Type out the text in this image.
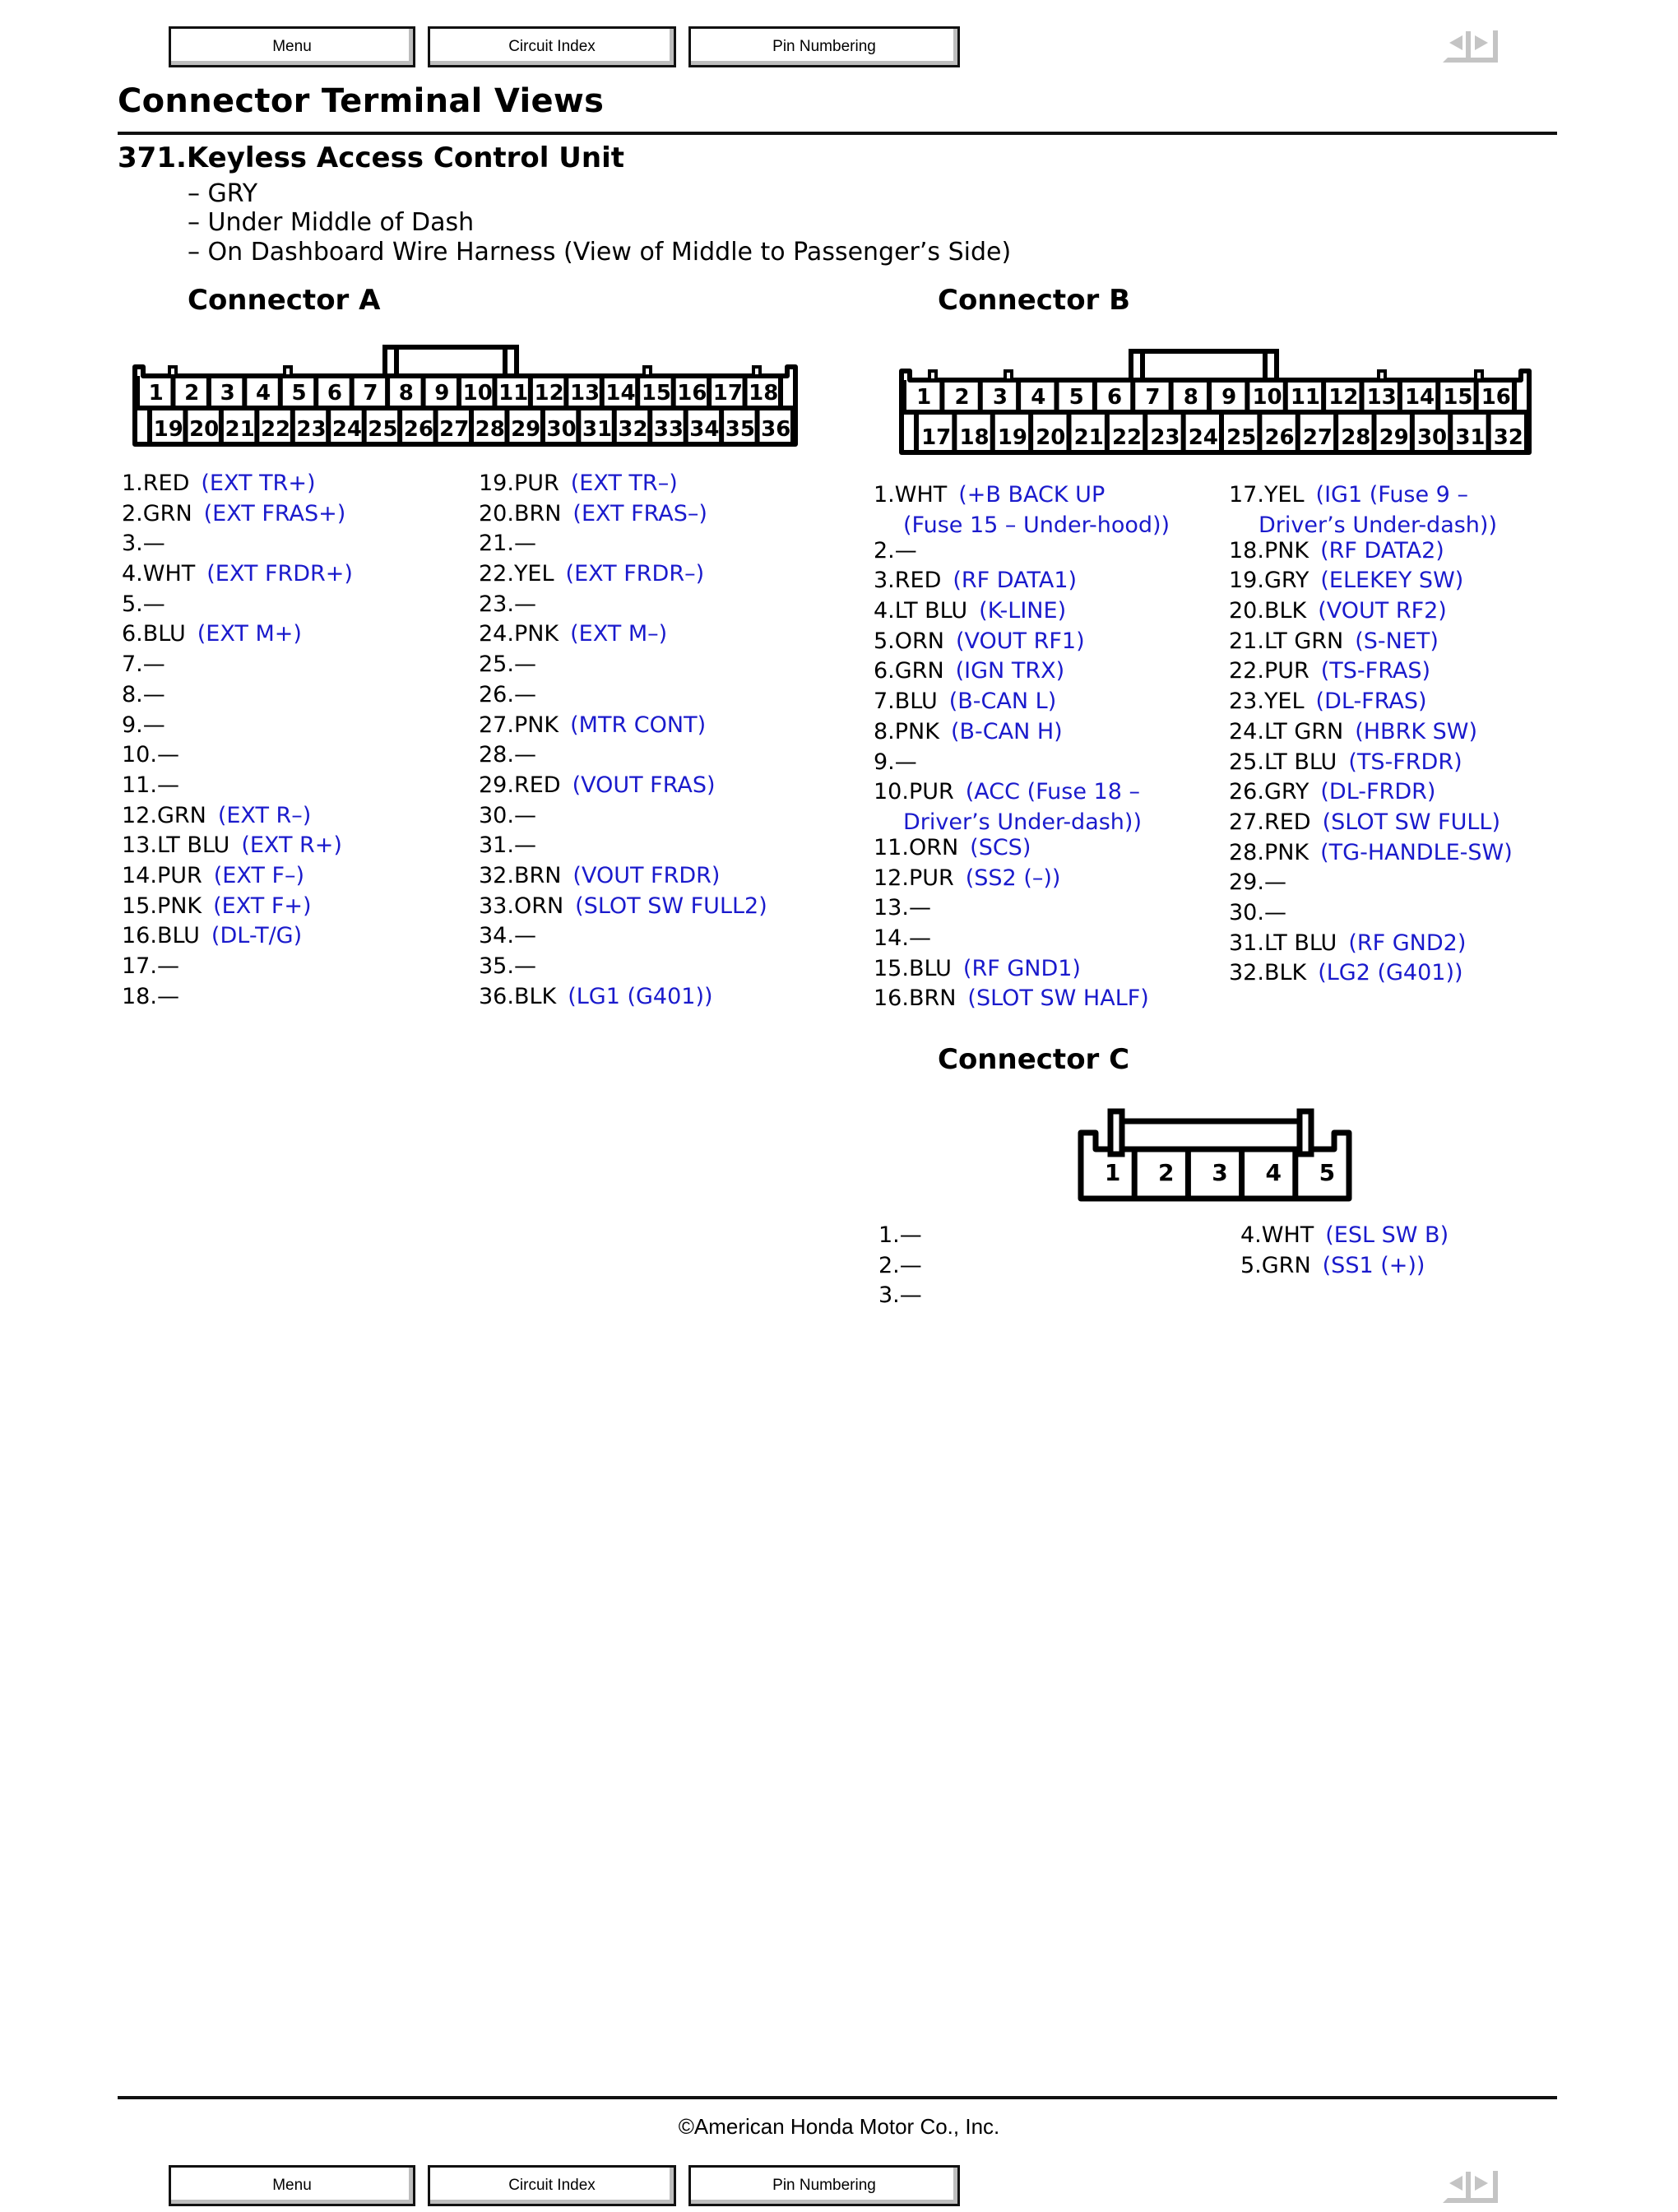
Menu	Circuit Index	Pin Numbering
Connector Terminal Views
371.Keyless Access Control Unit
– GRY
– Under Middle of Dash
– On Dashboard Wire Harness (View of Middle to Passenger’s Side)
Connector A
1 2 3 4 5 6 7 8 9 10 11 12 13 14 15 16 17 18
19 20 21 22 23 24 25 26 27 28 29 30 31 32 33 34 35 36
1.RED (EXT TR+)
2.GRN (EXT FRAS+)
3.—
4.WHT (EXT FRDR+)
5.—
6.BLU (EXT M+)
7.—
8.—
9.—
10.—
11.—
12.GRN (EXT R–)
13.LT BLU (EXT R+)
14.PUR (EXT F–)
15.PNK (EXT F+)
16.BLU (DL-T/G)
17.—
18.—
19.PUR (EXT TR–)
20.BRN (EXT FRAS–)
21.—
22.YEL (EXT FRDR–)
23.—
24.PNK (EXT M–)
25.—
26.—
27.PNK (MTR CONT)
28.—
29.RED (VOUT FRAS)
30.—
31.—
32.BRN (VOUT FRDR)
33.ORN (SLOT SW FULL2)
34.—
35.—
36.BLK (LG1 (G401))
Connector B
1 2 3 4 5 6 7 8 9 10 11 12 13 14 15 16
17 18 19 20 21 22 23 24 25 26 27 28 29 30 31 32
1.WHT (+B BACK UP
(Fuse 15 – Under-hood))
2.—
3.RED (RF DATA1)
4.LT BLU (K-LINE)
5.ORN (VOUT RF1)
6.GRN (IGN TRX)
7.BLU (B-CAN L)
8.PNK (B-CAN H)
9.—
10.PUR (ACC (Fuse 18 –
Driver’s Under-dash))
11.ORN (SCS)
12.PUR (SS2 (–))
13.—
14.—
15.BLU (RF GND1)
16.BRN (SLOT SW HALF)
17.YEL (IG1 (Fuse 9 –
Driver’s Under-dash))
18.PNK (RF DATA2)
19.GRY (ELEKEY SW)
20.BLK (VOUT RF2)
21.LT GRN (S-NET)
22.PUR (TS-FRAS)
23.YEL (DL-FRAS)
24.LT GRN (HBRK SW)
25.LT BLU (TS-FRDR)
26.GRY (DL-FRDR)
27.RED (SLOT SW FULL)
28.PNK (TG-HANDLE-SW)
29.—
30.—
31.LT BLU (RF GND2)
32.BLK (LG2 (G401))
Connector C
1 2 3 4 5
1.—
2.—
3.—
4.WHT (ESL SW B)
5.GRN (SS1 (+))
©American Honda Motor Co., Inc.
Menu	Circuit Index	Pin Numbering
